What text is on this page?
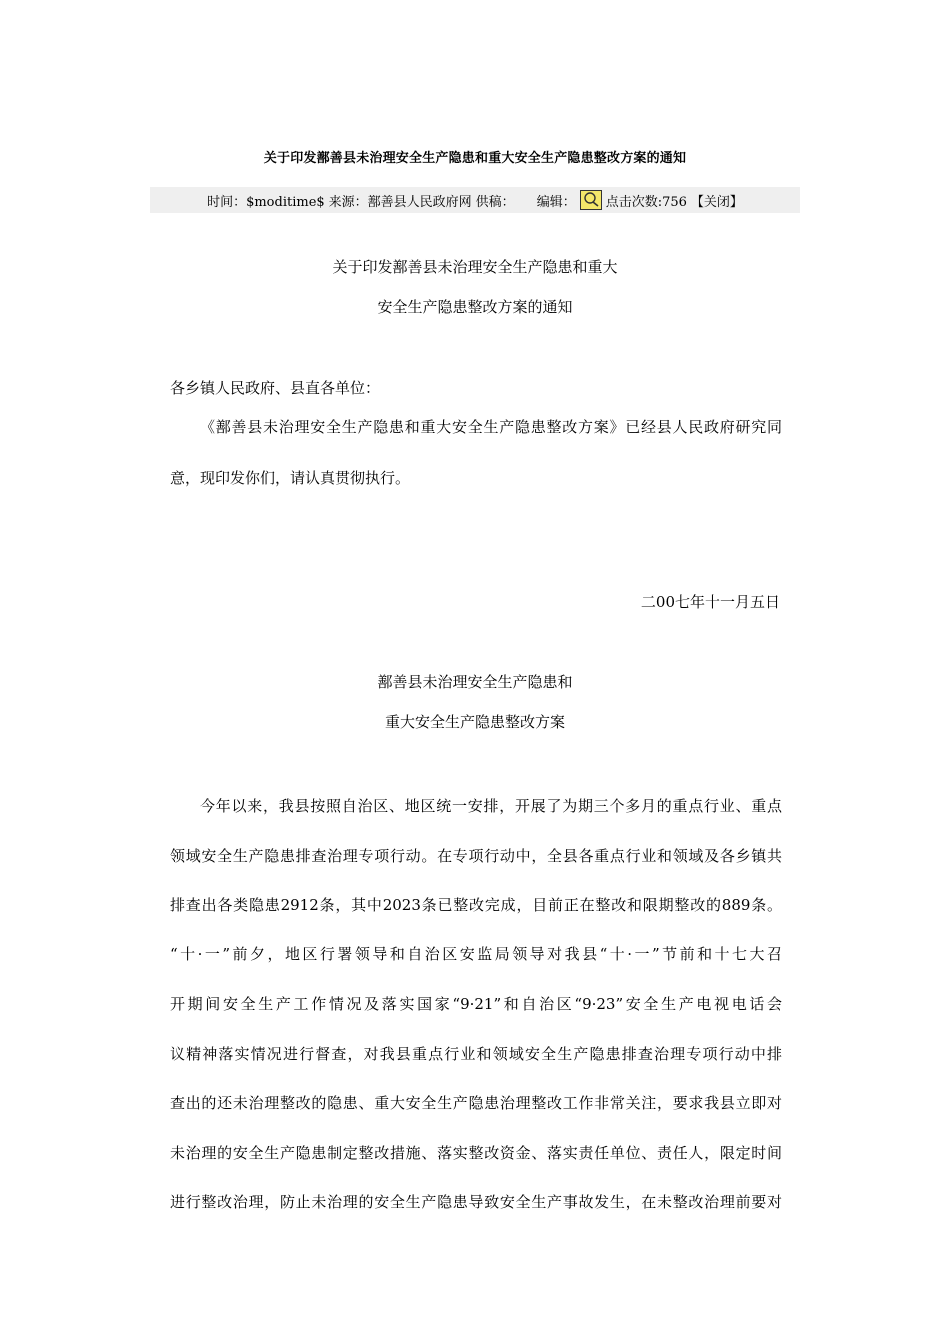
关于印发鄯善县未治理安全生产隐患和重大安全生产隐患整改方案的通知
时间：$moditime$ 来源：鄯善县人民政府网 供稿： 编辑： 点击次数:756 【关闭】
关于印发鄯善县未治理安全生产隐患和重大
安全生产隐患整改方案的通知
各乡镇人民政府、县直各单位：
《鄯善县未治理安全生产隐患和重大安全生产隐患整改方案》已经县人民政府研究同
意，现印发你们，请认真贯彻执行。
二00七年十一月五日
鄯善县未治理安全生产隐患和
重大安全生产隐患整改方案
今年以来，我县按照自治区、地区统一安排，开展了为期三个多月的重点行业、重点
领域安全生产隐患排查治理专项行动。在专项行动中，全县各重点行业和领域及各乡镇共
排查出各类隐患2912条，其中2023条已整改完成，目前正在整改和限期整改的889条。
“十·一”前夕，地区行署领导和自治区安监局领导对我县“十·一”节前和十七大召
开期间安全生产工作情况及落实国家“9·21”和自治区“9·23”安全生产电视电话会
议精神落实情况进行督查，对我县重点行业和领域安全生产隐患排查治理专项行动中排
查出的还未治理整改的隐患、重大安全生产隐患治理整改工作非常关注，要求我县立即对
未治理的安全生产隐患制定整改措施、落实整改资金、落实责任单位、责任人，限定时间
进行整改治理，防止未治理的安全生产隐患导致安全生产事故发生，在未整改治理前要对
